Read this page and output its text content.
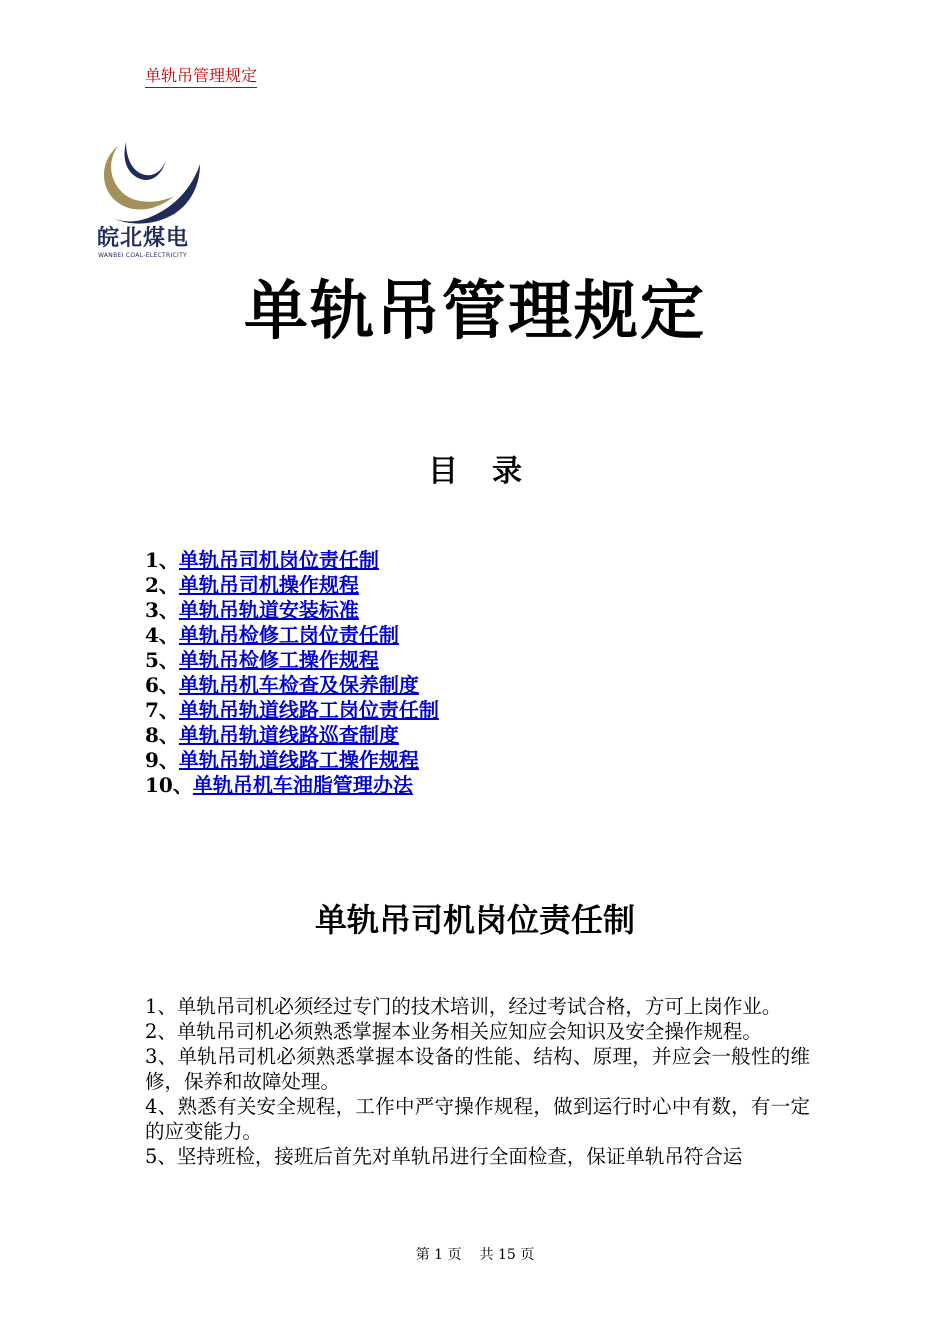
单轨吊管理规定
皖北煤电
WANBEI COAL-ELECTRICITY
单轨吊管理规定
目 录
1、单轨吊司机岗位责任制
2、单轨吊司机操作规程
3、单轨吊轨道安装标准
4、单轨吊检修工岗位责任制
5、单轨吊检修工操作规程
6、单轨吊机车检查及保养制度
7、单轨吊轨道线路工岗位责任制
8、单轨吊轨道线路巡查制度
9、单轨吊轨道线路工操作规程
10、单轨吊机车油脂管理办法
单轨吊司机岗位责任制

1、单轨吊司机必须经过专门的技术培训，经过考试合格，方可上岗作业。

2、单轨吊司机必须熟悉掌握本业务相关应知应会知识及安全操作规程。

3、单轨吊司机必须熟悉掌握本设备的性能、结构、原理，并应会一般性的维修，保养和故障处理。

4、熟悉有关安全规程，工作中严守操作规程，做到运行时心中有数，有一定的应变能力。

5、坚持班检，接班后首先对单轨吊进行全面检查，保证单轨吊符合运

第 1 页 共 15 页
